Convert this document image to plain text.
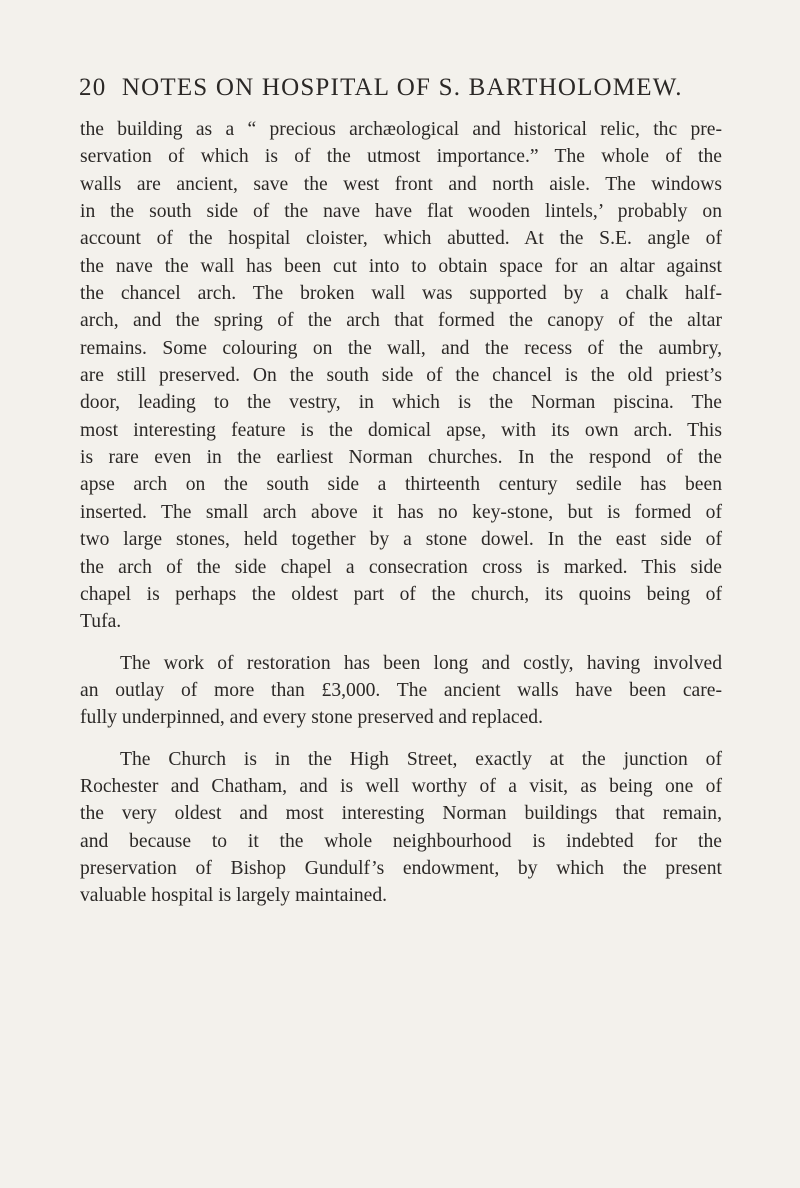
20 NOTES ON HOSPITAL OF S. BARTHOLOMEW.
the building as a “ precious archæological and historical relic, thc pre-
servation of which is of the utmost importance.” The whole of the
walls are ancient, save the west front and north aisle. The windows
in the south side of the nave have flat wooden lintels,’ probably on
account of the hospital cloister, which abutted. At the S.E. angle of
the nave the wall has been cut into to obtain space for an altar against
the chancel arch. The broken wall was supported by a chalk half-
arch, and the spring of the arch that formed the canopy of the altar
remains. Some colouring on the wall, and the recess of the aumbry,
are still preserved. On the south side of the chancel is the old priest’s
door, leading to the vestry, in which is the Norman piscina. The
most interesting feature is the domical apse, with its own arch. This
is rare even in the earliest Norman churches. In the respond of the
apse arch on the south side a thirteenth century sedile has been
inserted. The small arch above it has no key-stone, but is formed of
two large stones, held together by a stone dowel. In the east side of
the arch of the side chapel a consecration cross is marked. This side
chapel is perhaps the oldest part of the church, its quoins being of
Tufa.
The work of restoration has been long and costly, having involved
an outlay of more than £3,000. The ancient walls have been care-
fully underpinned, and every stone preserved and replaced.
The Church is in the High Street, exactly at the junction of
Rochester and Chatham, and is well worthy of a visit, as being one of
the very oldest and most interesting Norman buildings that remain,
and because to it the whole neighbourhood is indebted for the
preservation of Bishop Gundulf’s endowment, by which the present
valuable hospital is largely maintained.
